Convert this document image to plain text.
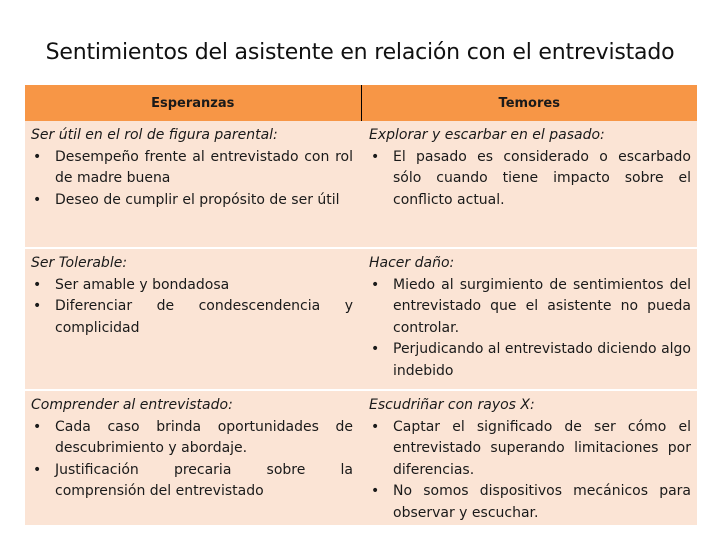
Sentimientos del asistente en relación con el entrevistado
Esperanzas	Temores
Ser útil en el rol de figura parental:
• Desempeño frente al entrevistado con rol de madre buena
• Deseo de cumplir el propósito de ser útil
Explorar y escarbar en el pasado:
• El pasado es considerado o escarbado sólo cuando tiene impacto sobre el conflicto actual.
Ser Tolerable:
• Ser amable y bondadosa
• Diferenciar de condescendencia y complicidad
Hacer daño:
• Miedo al surgimiento de sentimientos del entrevistado que el asistente no pueda controlar.
• Perjudicando al entrevistado diciendo algo indebido
Comprender al entrevistado:
• Cada caso brinda oportunidades de descubrimiento y abordaje.
• Justificación precaria sobre la comprensión del entrevistado
Escudriñar con rayos X:
• Captar el significado de ser cómo el entrevistado superando limitaciones por diferencias.
• No somos dispositivos mecánicos para observar y escuchar.
